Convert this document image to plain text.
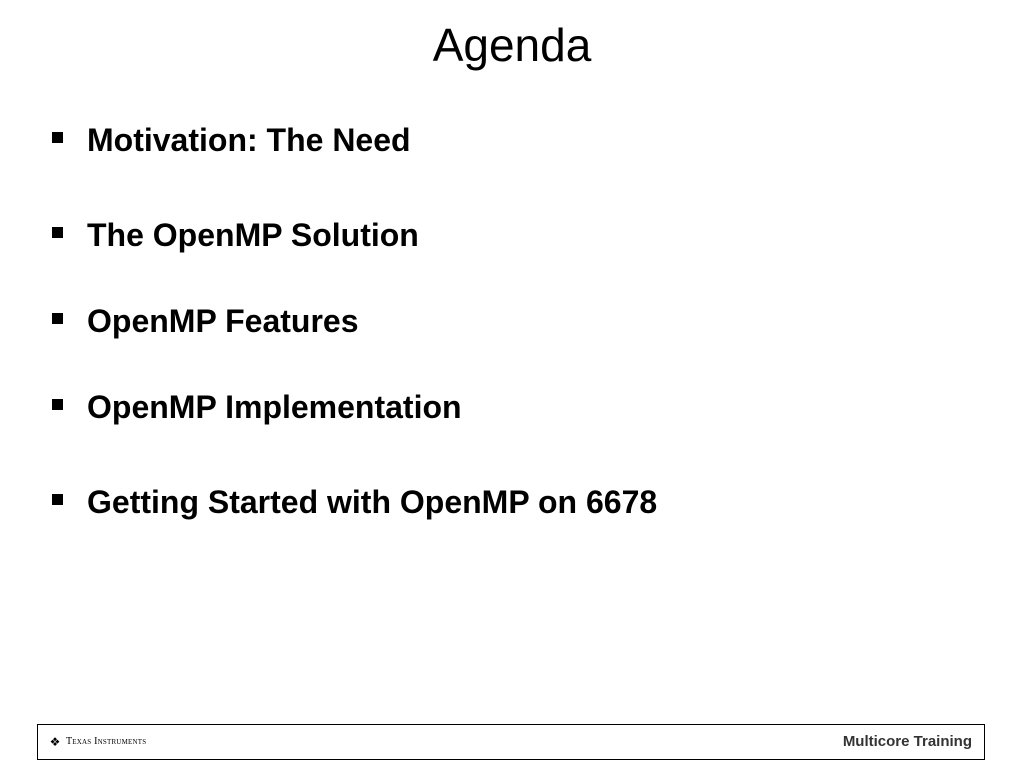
Agenda
Motivation: The Need
The OpenMP Solution
OpenMP Features
OpenMP Implementation
Getting Started with OpenMP on 6678
❖ Texas Instruments	Multicore Training
